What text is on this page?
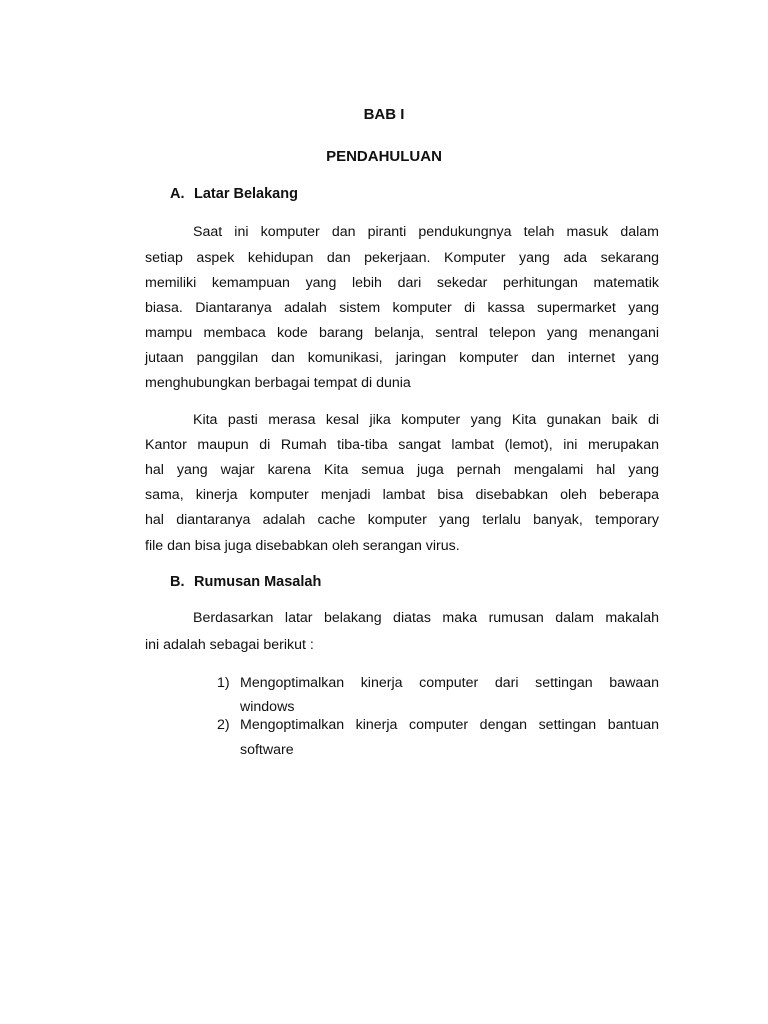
BAB I
PENDAHULUAN
A. Latar Belakang
Saat ini komputer dan piranti pendukungnya telah masuk dalam
setiap aspek kehidupan dan pekerjaan. Komputer yang ada sekarang
memiliki kemampuan yang lebih dari sekedar perhitungan matematik
biasa. Diantaranya adalah sistem komputer di kassa supermarket yang
mampu membaca kode barang belanja, sentral telepon yang menangani
jutaan panggilan dan komunikasi, jaringan komputer dan internet yang
menghubungkan berbagai tempat di dunia
Kita pasti merasa kesal jika komputer yang Kita gunakan baik di
Kantor maupun di Rumah tiba-tiba sangat lambat (lemot), ini merupakan
hal yang wajar karena Kita semua juga pernah mengalami hal yang
sama, kinerja komputer menjadi lambat bisa disebabkan oleh beberapa
hal diantaranya adalah cache komputer yang terlalu banyak, temporary
file dan bisa juga disebabkan oleh serangan virus.
B. Rumusan Masalah
Berdasarkan latar belakang diatas maka rumusan dalam makalah
ini adalah sebagai berikut :
1) Mengoptimalkan kinerja computer dari settingan bawaan
windows
2) Mengoptimalkan kinerja computer dengan settingan bantuan
software
